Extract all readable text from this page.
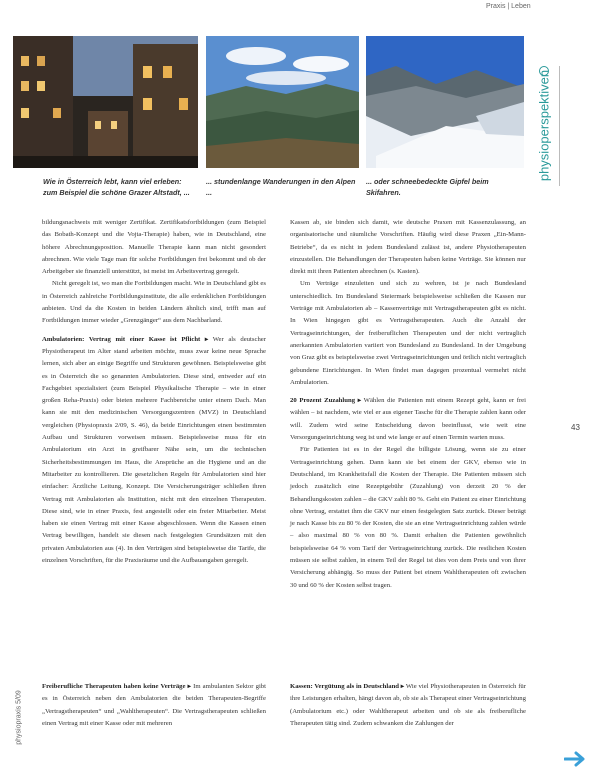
Praxis | Leben
Wie in Österreich lebt, kann viel erleben: zum Beispiel die schöne Grazer Altstadt, ...
... stundenlange Wanderungen in den Alpen ...
... oder schneebedeckte Gipfel beim Skifahren.
physioperspektiven
43
physiopraxis 5/09

bildungsnachweis mit weniger Zertifikat. Zertifikatsfortbildungen (zum Beispiel das Bobath-Konzept und die Vojta-Therapie) haben, wie in Deutschland, eine höhere Abrechnungsposition. Manuelle Therapie kann man nicht gesondert abrechnen. Wie viele Tage man für solche Fortbildungen frei bekommt und ob der Arbeitgeber sie finanziell unterstützt, ist meist im Arbeitsvertrag geregelt.

Nicht geregelt ist, wo man die Fortbildungen macht. Wie in Deutschland gibt es in Österreich zahlreiche Fortbildungsinstitute, die alle erdenklichen Fortbildungen anbieten. Und da die Kosten in beiden Ländern ähnlich sind, trifft man auf Fortbildungen immer wieder „Grenzgänger“ aus dem Nachbarland.

Ambulatorien: Vertrag mit einer Kasse ist Pflicht ▸ Wer als deutscher Physiotherapeut im Alter stand arbeiten möchte, muss zwar keine neue Sprache lernen, sich aber an einige Begriffe und Strukturen gewöhnen. Beispielsweise gibt es in Österreich die so genannten Ambulatorien. Diese sind, entweder auf ein Fachgebiet spezialisiert (zum Beispiel Physikalische Therapie – wie in einer großen Reha-Praxis) oder bieten mehrere Fachbereiche unter einem Dach. Man kann sie mit den medizinischen Versorgungszentren (MVZ) in Deutschland vergleichen (Physiopraxis 2/09, S. 46), da beide Einrichtungen einen bestimmten Aufbau und Strukturen vorweisen müssen. Beispielsweise muss für ein Ambulatorium ein Arzt in greifbarer Nähe sein, um die technischen Sicherheitsbestimmungen im Haus, die Ansprüche an die Hygiene und an die Mitarbeiter zu kontrollieren. Die gesetzlichen Regeln für Ambulatorien sind hier einfacher: Ärztliche Leitung, Konzept. Die Versicherungsträger schließen ihren Vertrag mit Ambulatorien als Institution, nicht mit den einzelnen Therapeuten. Diese sind, wie in einer Praxis, fest angestellt oder ein freier Mitarbeiter. Meist haben sie einen Vertrag mit einer Kasse abgeschlossen. Wenn die Kassen einen Vertrag bewilligen, handelt sie diesen nach festgelegten Grundsätzen mit den privaten Ambulatorien aus (4). In den Verträgen sind beispielsweise die Tarife, die einzelnen Vorschriften, für die Praxisräume und die Aufbauangaben geregelt.

Kassen ab, sie binden sich damit, wie deutsche Praxen mit Kassenzulassung, an organisatorische und räumliche Vorschriften. Häufig wird diese Praxen „Ein-Mann-Betriebe“, da es nicht in jedem Bundesland zulässt ist, andere Physiotherapeuten einzustellen. Die Behandlungen der Therapeuten haben keine Verträge. Sie können nur direkt mit ihren Patienten abrechnen (s. Kasten).

Um Verträge einzuleiten und sich zu wehren, ist je nach Bundesland unterschiedlich. Im Bundesland Steiermark beispielsweise schließen die Kassen nur Verträge mit Ambulatorien ab – Kassenverträge mit Vertragstherapeuten gibt es nicht. In Wien hingegen gibt es Vertragstherapeuten. Auch die Anzahl der Vertragseinrichtungen, der freiberuflichen Therapeuten und der nicht vertraglich anerkannten Ambulatorien variiert von Bundesland zu Bundesland. In der Umgebung von Graz gibt es beispielsweise zwei Vertragseinrichtungen und örtlich nicht vertraglich gebundene Einrichtungen. In Wien findet man dagegen prozentual vermehrt nicht Ambulatorien.

20 Prozent Zuzahlung ▸ Wählen die Patienten mit einem Rezept geht, kann er frei wählen – ist nachdem, wie viel er aus eigener Tasche für die Therapie zahlen kann oder will. Zudem wird seine Entscheidung davon beeinflusst, wie weit eine Versorgungseinrichtung weg ist und wie lange er auf einen Termin warten muss.

Für Patienten ist es in der Regel die billigste Lösung, wenn sie zu einer Vertragseinrichtung gehen. Dann kann sie bei einem der GKV, ebenso wie in Deutschland, im Krankheitsfall die Kosten der Therapie. Die Patienten müssen sich jedoch zusätzlich eine Rezeptgebühr (Zuzahlung) von derzeit 20 % der Behandlungskosten zahlen – die GKV zahlt 80 %. Geht ein Patient zu einer Einrichtung ohne Vertrag, erstattet ihm die GKV nur einen festgelegten Satz zurück. Dieser beträgt je nach Kasse bis zu 80 % der Kosten, die sie an eine Vertragseinrichtung zahlen würde – also maximal 80 % von 80 %. Damit erhalten die Patienten gewöhnlich beispielsweise 64 % vom Tarif der Vertragseinrichtung zurück. Die restlichen Kosten müssen sie selbst zahlen, in einem Teil der Regel ist dies von dem Preis und von ihrer Versicherung abhängig. So muss der Patient bei einem Wahltherapeuten oft zwischen 30 und 60 % der Kosten selbst tragen.

Freiberufliche Therapeuten haben keine Verträge ▸ Im ambulanten Sektor gibt es in Österreich neben den Ambulatorien die beiden Therapeuten-Begriffe „Vertragstherapeuten“ und „Wahltherapeuten“. Die Vertragstherapeuten schließen einen Vertrag mit einer Kasse oder mit mehreren

Kassen: Vergütung als in Deutschland ▸ Wie viel Physiotherapeuten in Österreich für ihre Leistungen erhalten, hängt davon ab, ob sie als Therapeut einer Vertragseinrichtung (Ambulatorium etc.) oder Wahltherapeut arbeiten und ob sie als freiberufliche Therapeuten tätig sind. Zudem schwanken die Zahlungen der
